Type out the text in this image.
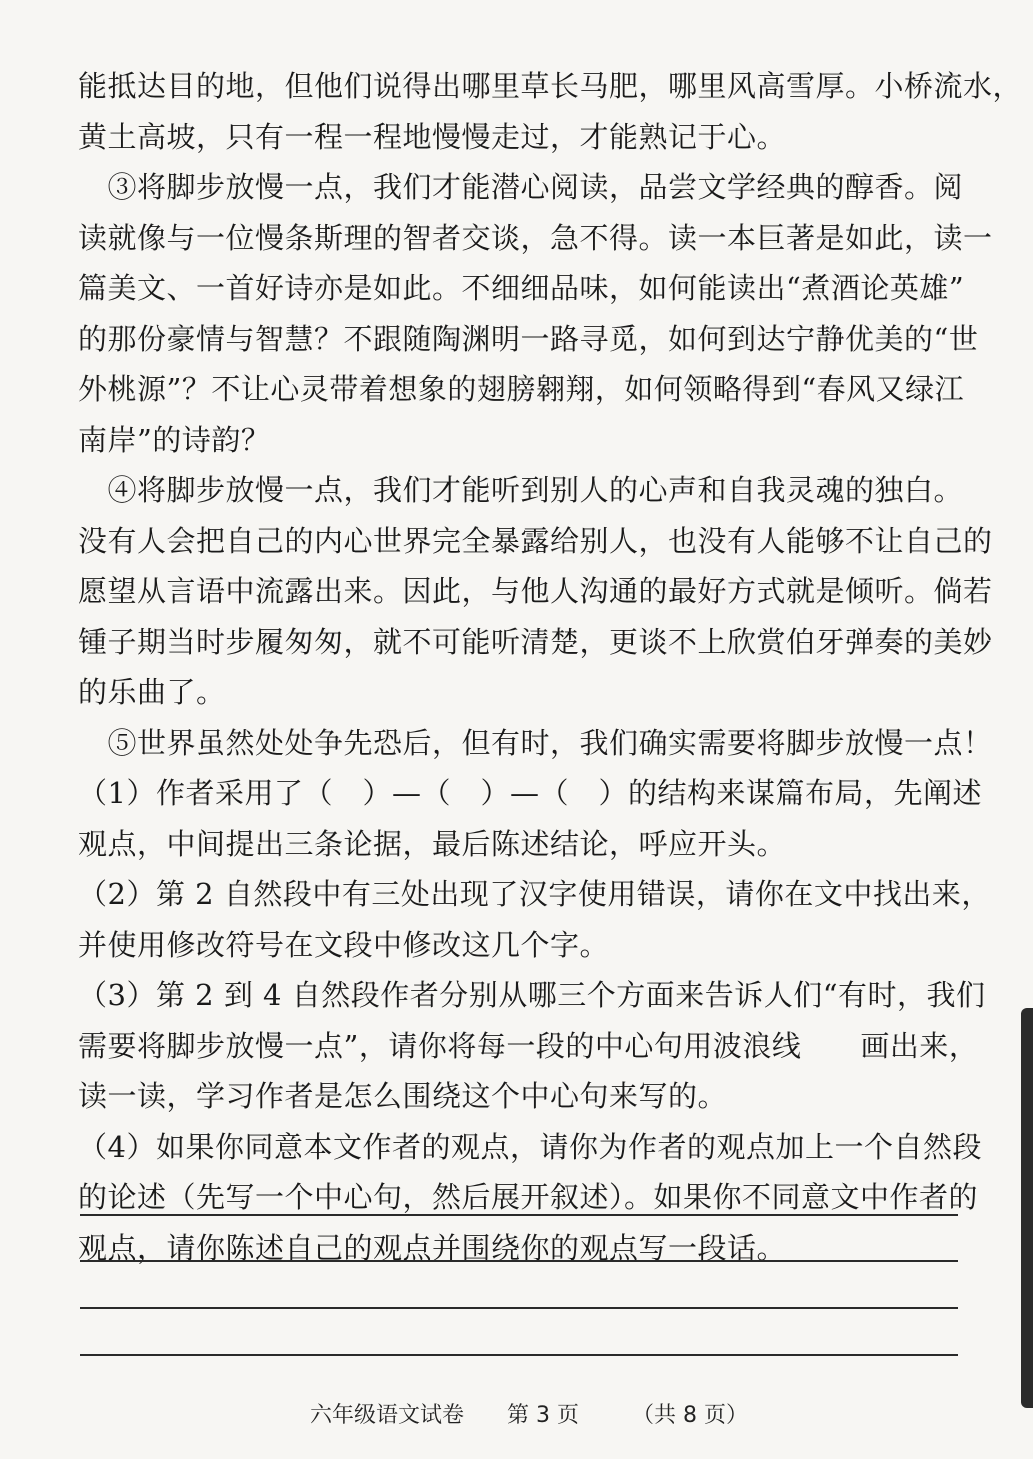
能抵达目的地，但他们说得出哪里草长马肥，哪里风高雪厚。小桥流水，
黄土高坡，只有一程一程地慢慢走过，才能熟记于心。
　③将脚步放慢一点，我们才能潜心阅读，品尝文学经典的醇香。阅
读就像与一位慢条斯理的智者交谈，急不得。读一本巨著是如此，读一
篇美文、一首好诗亦是如此。不细细品味，如何能读出“煮酒论英雄”
的那份豪情与智慧？不跟随陶渊明一路寻觅，如何到达宁静优美的“世
外桃源”？不让心灵带着想象的翅膀翱翔，如何领略得到“春风又绿江
南岸”的诗韵？
　④将脚步放慢一点，我们才能听到别人的心声和自我灵魂的独白。
没有人会把自己的内心世界完全暴露给别人，也没有人能够不让自己的
愿望从言语中流露出来。因此，与他人沟通的最好方式就是倾听。倘若
锺子期当时步履匆匆，就不可能听清楚，更谈不上欣赏伯牙弹奏的美妙
的乐曲了。
　⑤世界虽然处处争先恐后，但有时，我们确实需要将脚步放慢一点！
（1）作者采用了（　）—（　）—（　）的结构来谋篇布局，先阐述
观点，中间提出三条论据，最后陈述结论，呼应开头。
（2）第 2 自然段中有三处出现了汉字使用错误，请你在文中找出来，
并使用修改符号在文段中修改这几个字。
（3）第 2 到 4 自然段作者分别从哪三个方面来告诉人们“有时，我们
需要将脚步放慢一点”，请你将每一段的中心句用波浪线　　画出来，
读一读，学习作者是怎么围绕这个中心句来写的。
（4）如果你同意本文作者的观点，请你为作者的观点加上一个自然段
的论述（先写一个中心句，然后展开叙述）。如果你不同意文中作者的
观点，请你陈述自己的观点并围绕你的观点写一段话。
六年级语文试卷 第 3 页 （共 8 页）
